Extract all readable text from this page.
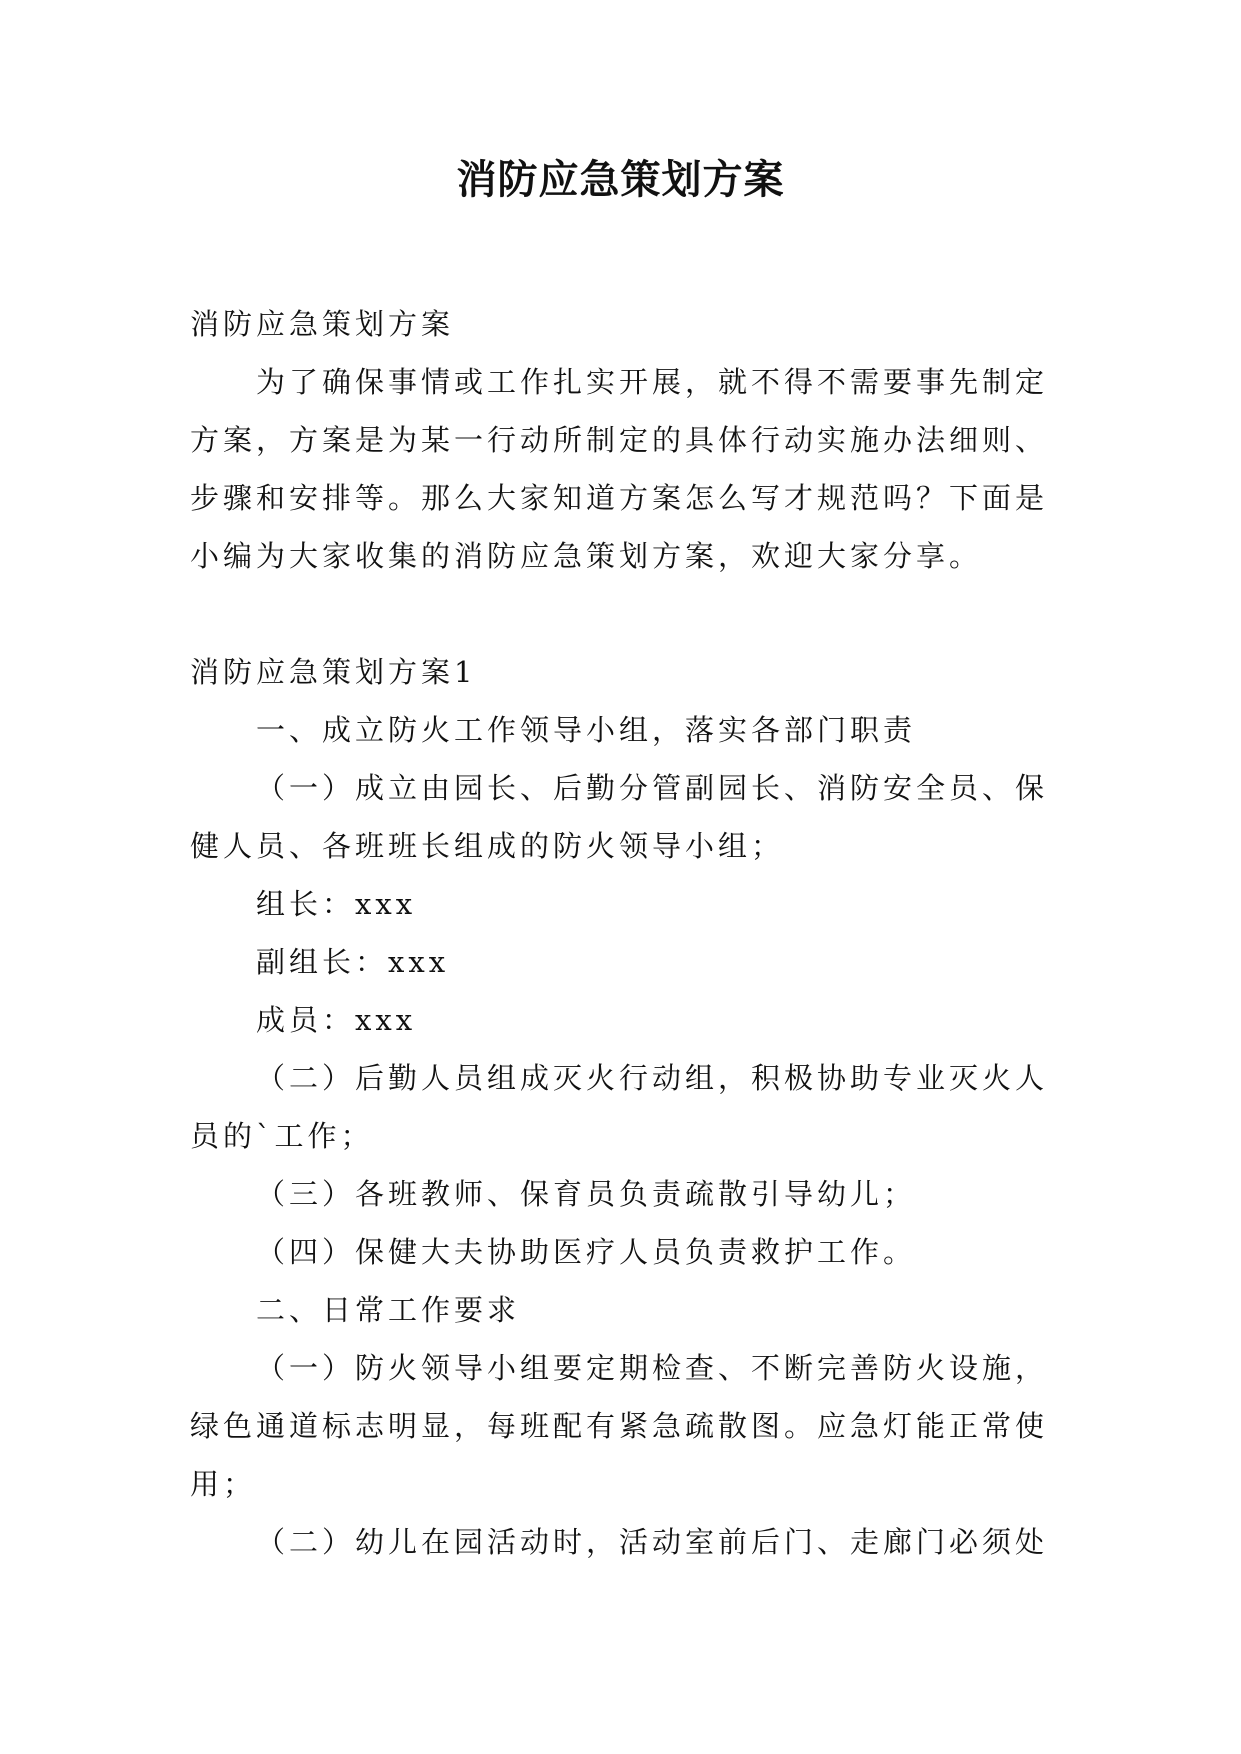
消防应急策划方案

消防应急策划方案

为了确保事情或工作扎实开展，就不得不需要事先制定方案，方案是为某一行动所制定的具体行动实施办法细则、步骤和安排等。那么大家知道方案怎么写才规范吗？下面是小编为大家收集的消防应急策划方案，欢迎大家分享。

消防应急策划方案1

一、成立防火工作领导小组，落实各部门职责

（一）成立由园长、后勤分管副园长、消防安全员、保健人员、各班班长组成的防火领导小组；

组长：xxx

副组长：xxx

成员：xxx

（二）后勤人员组成灭火行动组，积极协助专业灭火人员的`工作；

（三）各班教师、保育员负责疏散引导幼儿；

（四）保健大夫协助医疗人员负责救护工作。

二、日常工作要求

（一）防火领导小组要定期检查、不断完善防火设施，绿色通道标志明显，每班配有紧急疏散图。应急灯能正常使用；

（二）幼儿在园活动时，活动室前后门、走廊门必须处
